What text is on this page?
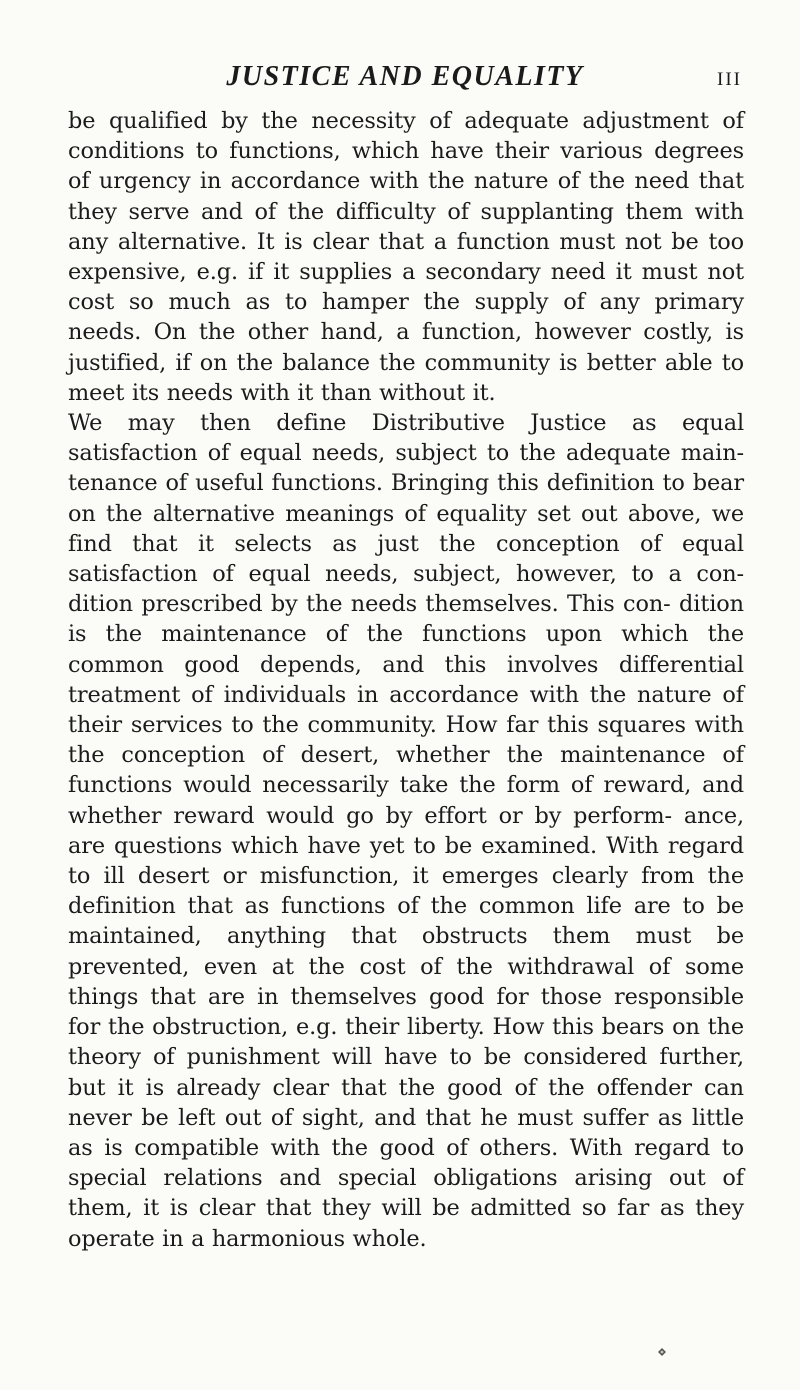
JUSTICE AND EQUALITY	III

be qualified by the necessity of adequate adjustment of conditions to functions, which have their various degrees of urgency in accordance with the nature of the need that they serve and of the difficulty of supplanting them with any alternative. It is clear that a function must not be too expensive, e.g. if it supplies a secondary need it must not cost so much as to hamper the supply of any primary needs. On the other hand, a function, however costly, is justified, if on the balance the community is better able to meet its needs with it than without it.

We may then define Distributive Justice as equal satisfaction of equal needs, subject to the adequate main- tenance of useful functions. Bringing this definition to bear on the alternative meanings of equality set out above, we find that it selects as just the conception of equal satisfaction of equal needs, subject, however, to a con- dition prescribed by the needs themselves. This con- dition is the maintenance of the functions upon which the common good depends, and this involves differential treatment of individuals in accordance with the nature of their services to the community. How far this squares with the conception of desert, whether the maintenance of functions would necessarily take the form of reward, and whether reward would go by effort or by perform- ance, are questions which have yet to be examined. With regard to ill desert or misfunction, it emerges clearly from the definition that as functions of the common life are to be maintained, anything that obstructs them must be prevented, even at the cost of the withdrawal of some things that are in themselves good for those responsible for the obstruction, e.g. their liberty. How this bears on the theory of punishment will have to be considered further, but it is already clear that the good of the offender can never be left out of sight, and that he must suffer as little as is compatible with the good of others. With regard to special relations and special obligations arising out of them, it is clear that they will be admitted so far as they operate in a harmonious whole.
